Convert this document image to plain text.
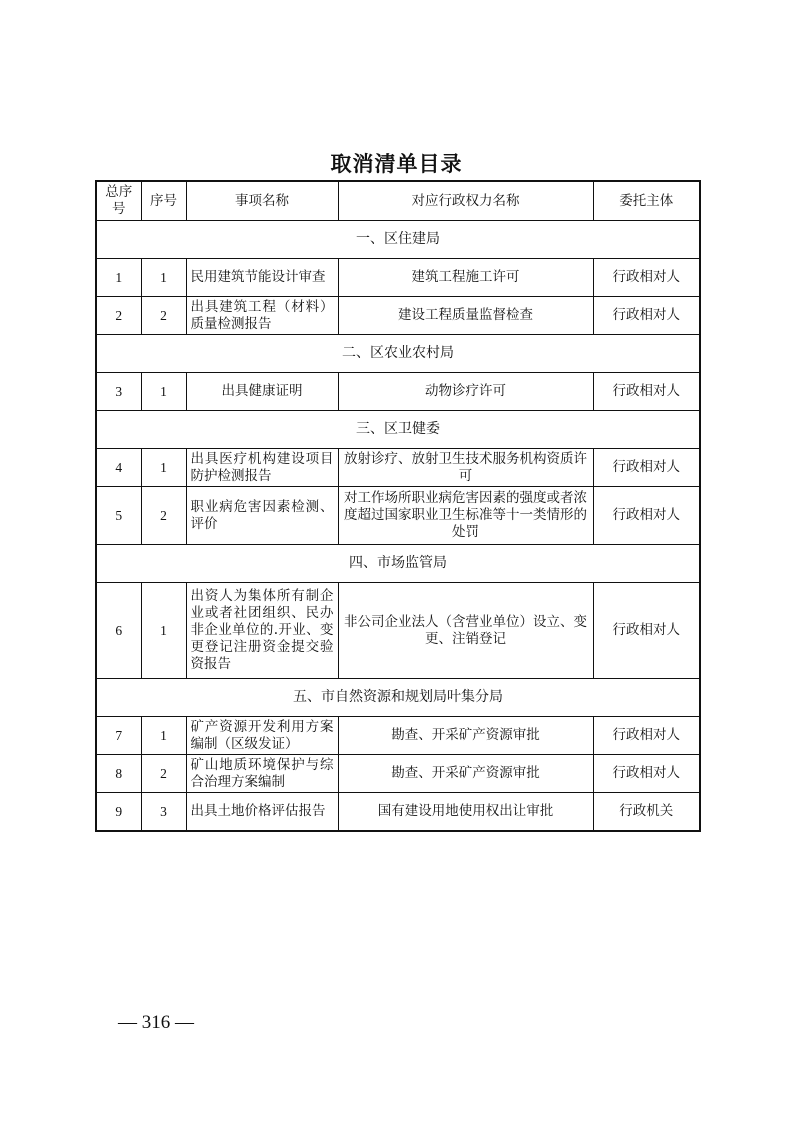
取消清单目录
总序号	序号	事项名称	对应行政权力名称	委托主体
一、区住建局				
1	1	民用建筑节能设计审查	建筑工程施工许可	行政相对人
2	2	出具建筑工程（材料）质量检测报告	建设工程质量监督检查	行政相对人
二、区农业农村局				
3	1	出具健康证明	动物诊疗许可	行政相对人
三、区卫健委				
4	1	出具医疗机构建设项目防护检测报告	放射诊疗、放射卫生技术服务机构资质许可	行政相对人
5	2	职业病危害因素检测、评价	对工作场所职业病危害因素的强度或者浓度超过国家职业卫生标准等十一类情形的处罚	行政相对人
四、市场监管局				
6	1	出资人为集体所有制企业或者社团组织、民办非企业单位的.开业、变更登记注册资金提交验资报告	非公司企业法人（含营业单位）设立、变更、注销登记	行政相对人
五、市自然资源和规划局叶集分局				
7	1	矿产资源开发利用方案编制（区级发证）	勘查、开采矿产资源审批	行政相对人
8	2	矿山地质环境保护与综合治理方案编制	勘查、开采矿产资源审批	行政相对人
9	3	出具土地价格评估报告	国有建设用地使用权出让审批	行政机关
— 316 —
